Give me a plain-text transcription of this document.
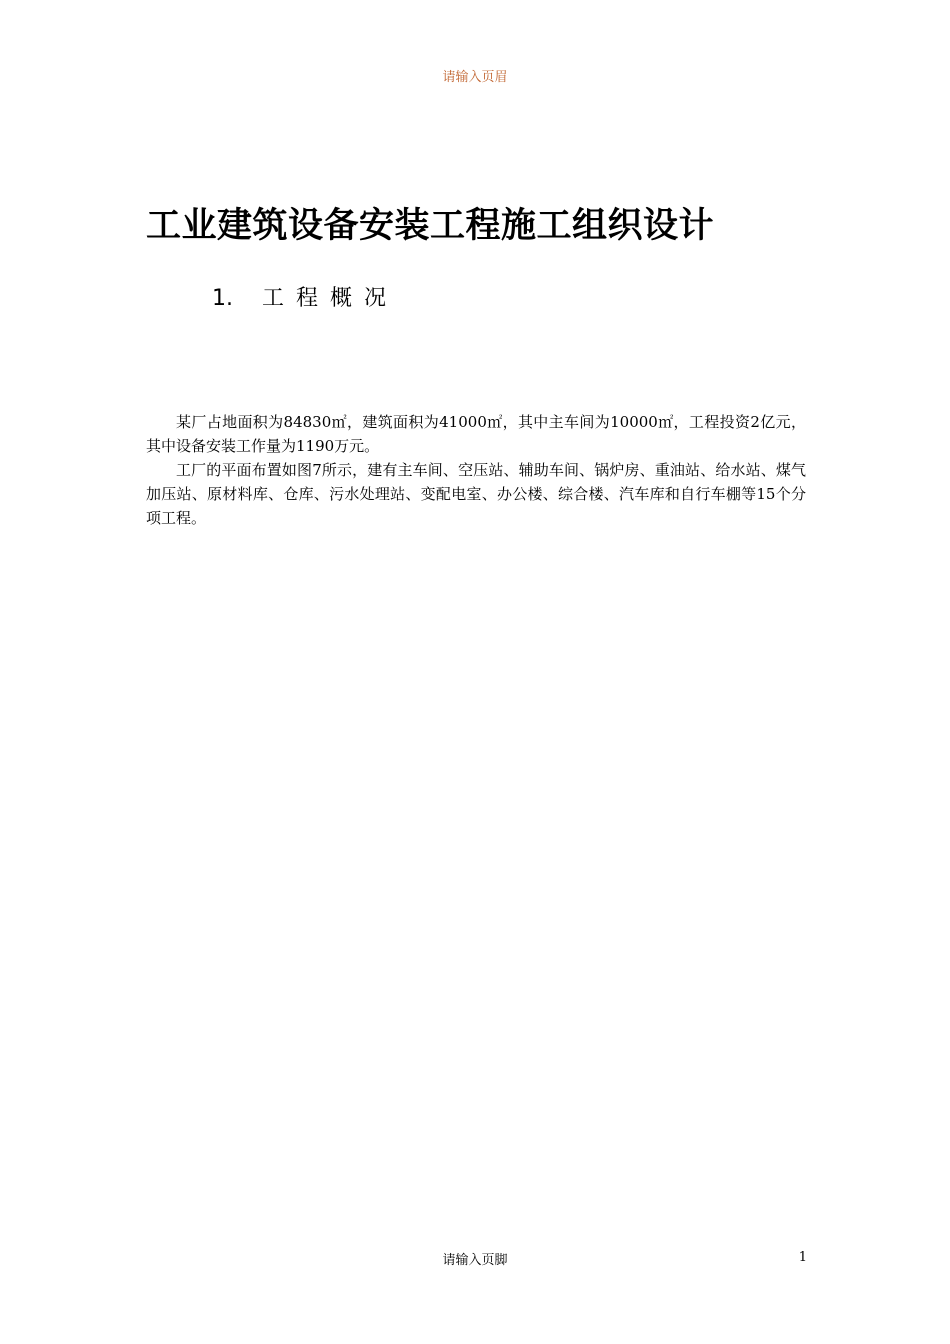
请输入页眉
工业建筑设备安装工程施工组织设计
1. 工程概况

某厂占地面积为84830㎡，建筑面积为41000㎡，其中主车间为10000㎡，工程投资2亿元，其中设备安装工作量为1190万元。

工厂的平面布置如图7所示，建有主车间、空压站、辅助车间、锅炉房、重油站、给水站、煤气加压站、原材料库、仓库、污水处理站、变配电室、办公楼、综合楼、汽车库和自行车棚等15个分项工程。

请输入页脚	1
